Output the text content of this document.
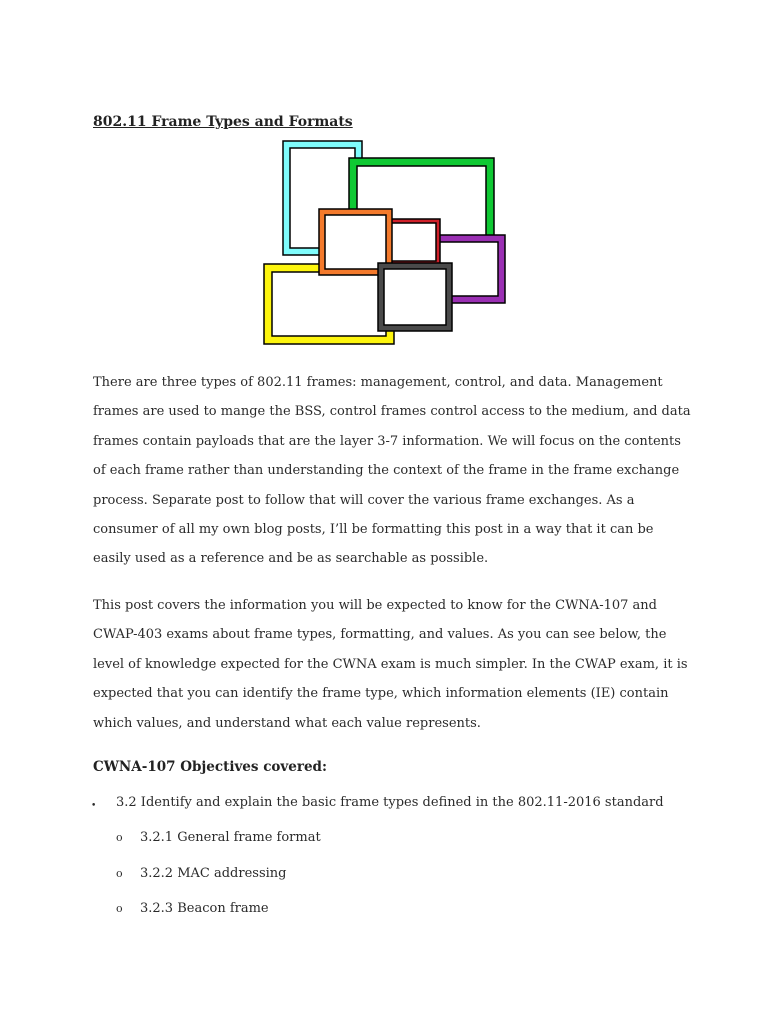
802.11 Frame Types and Formats

There are three types of 802.11 frames: management, control, and data. Management frames are used to mange the BSS, control frames control access to the medium, and data frames contain payloads that are the layer 3-7 information. We will focus on the contents of each frame rather than understanding the context of the frame in the frame exchange process. Separate post to follow that will cover the various frame exchanges. As a consumer of all my own blog posts, I’ll be formatting this post in a way that it can be easily used as a reference and be as searchable as possible.

This post covers the information you will be expected to know for the CWNA-107 and CWAP-403 exams about frame types, formatting, and values. As you can see below, the level of knowledge expected for the CWNA exam is much simpler. In the CWAP exam, it is expected that you can identify the frame type, which information elements (IE) contain which values, and understand what each value represents.

CWNA-107 Objectives covered:
• 3.2 Identify and explain the basic frame types defined in the 802.11-2016 standard
o 3.2.1 General frame format
o 3.2.2 MAC addressing
o 3.2.3 Beacon frame
